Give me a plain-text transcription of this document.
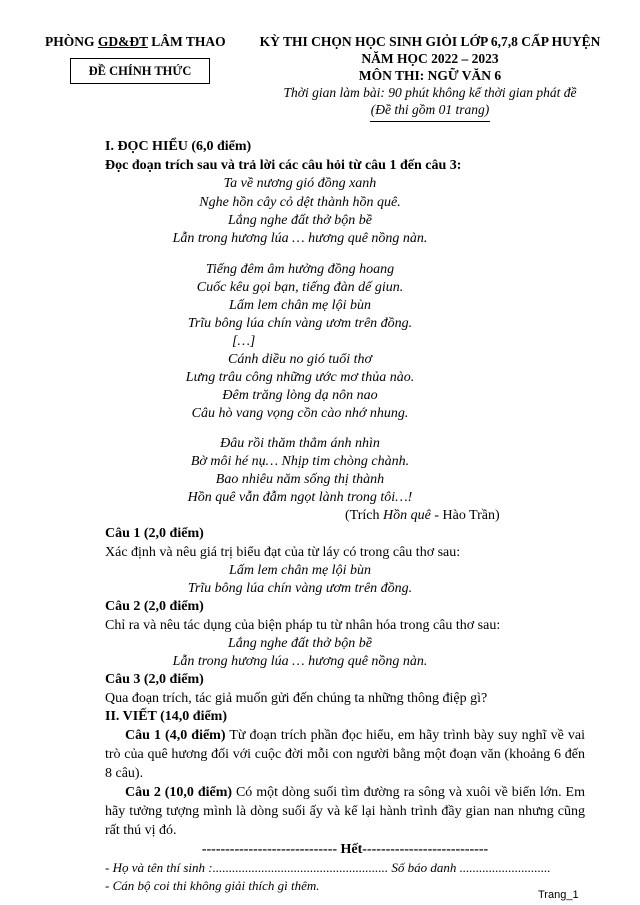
PHÒNG GD&ĐT LÂM THAO
ĐỀ CHÍNH THỨC
KỲ THI CHỌN HỌC SINH GIỎI LỚP 6,7,8 CẤP HUYỆN
NĂM HỌC 2022 – 2023
MÔN THI: NGỮ VĂN 6
Thời gian làm bài: 90 phút không kể thời gian phát đề
(Đề thi gồm 01 trang)
I. ĐỌC HIỂU (6,0 điểm)
Đọc đoạn trích sau và trả lời các câu hỏi từ câu 1 đến câu 3:
Ta về nương gió đồng xanh
Nghe hồn cây cỏ dệt thành hồn quê.
Lắng nghe đất thở bộn bề
Lẫn trong hương lúa … hương quê nồng nàn.
Tiếng đêm âm hưởng đồng hoang
Cuốc kêu gọi bạn, tiếng đàn dế giun.
Lấm lem chân mẹ lội bùn
Trĩu bông lúa chín vàng ươm trên đồng.
[…]
Cánh diều no gió tuổi thơ
Lưng trâu công những ước mơ thủa nào.
Đêm trăng lòng dạ nôn nao
Câu hò vang vọng cồn cào nhớ nhung.
Đâu rồi thăm thẳm ánh nhìn
Bờ môi hé nụ… Nhịp tim chòng chành.
Bao nhiêu năm sống thị thành
Hồn quê vẫn đẫm ngọt lành trong tôi…!
(Trích Hồn quê - Hào Trần)
Câu 1 (2,0 điểm)
Xác định và nêu giá trị biểu đạt của từ láy có trong câu thơ sau:
Lấm lem chân mẹ lội bùn
Trĩu bông lúa chín vàng ươm trên đồng.
Câu 2 (2,0 điểm)
Chỉ ra và nêu tác dụng của biện pháp tu từ nhân hóa trong câu thơ sau:
Lắng nghe đất thở bộn bề
Lẫn trong hương lúa … hương quê nồng nàn.
Câu 3 (2,0 điểm)
Qua đoạn trích, tác giả muốn gửi đến chúng ta những thông điệp gì?
II. VIẾT (14,0 điểm)
Câu 1 (4,0 điểm) Từ đoạn trích phần đọc hiểu, em hãy trình bày suy nghĩ về vai trò của quê hương đối với cuộc đời mỗi con người bằng một đoạn văn (khoảng 6 đến 8 câu).
Câu 2 (10,0 điểm) Có một dòng suối tìm đường ra sông và xuôi về biển lớn. Em hãy tưởng tượng mình là dòng suối ấy và kể lại hành trình đầy gian nan nhưng cũng rất thú vị đó.
----------------------------- Hết---------------------------
- Họ và tên thí sinh :...................................................... Số báo danh ............................
- Cán bộ coi thi không giải thích gì thêm.
Trang_1
